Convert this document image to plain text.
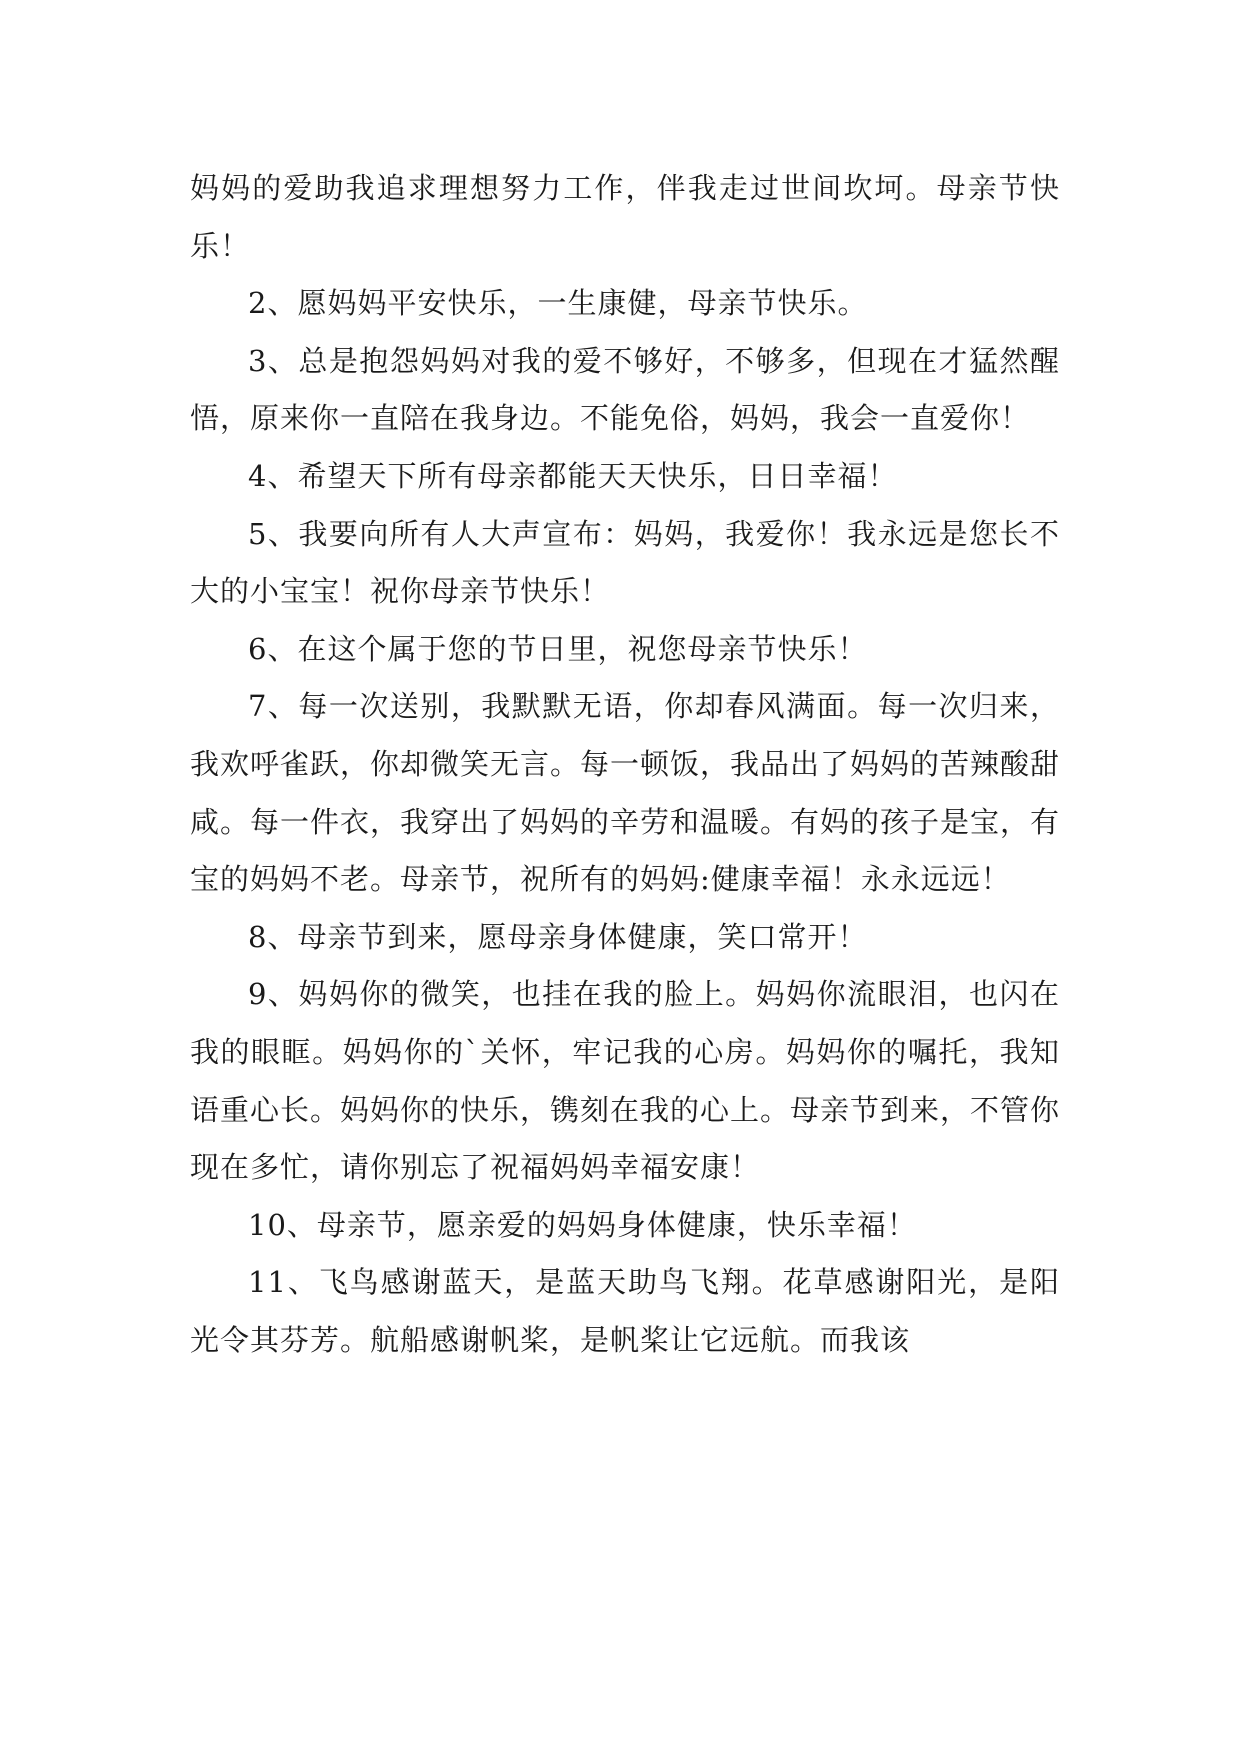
妈妈的爱助我追求理想努力工作，伴我走过世间坎坷。母亲节快乐！

2、愿妈妈平安快乐，一生康健，母亲节快乐。

3、总是抱怨妈妈对我的爱不够好，不够多，但现在才猛然醒悟，原来你一直陪在我身边。不能免俗，妈妈，我会一直爱你！

4、希望天下所有母亲都能天天快乐，日日幸福！

5、我要向所有人大声宣布：妈妈，我爱你！我永远是您长不大的小宝宝！祝你母亲节快乐！

6、在这个属于您的节日里，祝您母亲节快乐！

7、每一次送别，我默默无语，你却春风满面。每一次归来，我欢呼雀跃，你却微笑无言。每一顿饭，我品出了妈妈的苦辣酸甜咸。每一件衣，我穿出了妈妈的辛劳和温暖。有妈的孩子是宝，有宝的妈妈不老。母亲节，祝所有的妈妈:健康幸福！永永远远！

8、母亲节到来，愿母亲身体健康，笑口常开！

9、妈妈你的微笑，也挂在我的脸上。妈妈你流眼泪，也闪在我的眼眶。妈妈你的`关怀，牢记我的心房。妈妈你的嘱托，我知语重心长。妈妈你的快乐，镌刻在我的心上。母亲节到来，不管你现在多忙，请你别忘了祝福妈妈幸福安康！

10、母亲节，愿亲爱的妈妈身体健康，快乐幸福！

11、飞鸟感谢蓝天，是蓝天助鸟飞翔。花草感谢阳光，是阳光令其芬芳。航船感谢帆桨，是帆桨让它远航。而我该
